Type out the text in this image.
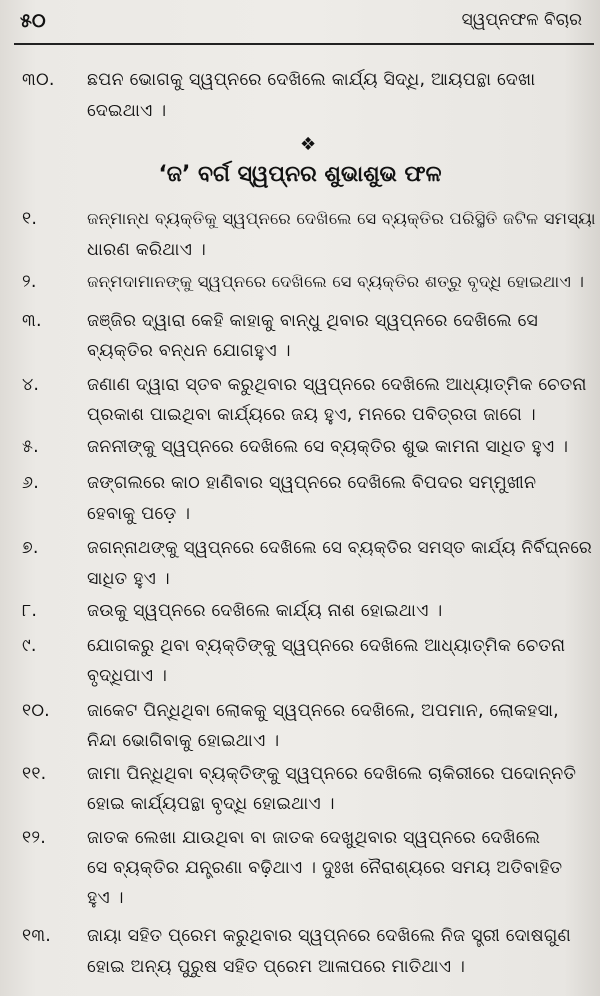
୫୦	ସ୍ୱପ୍ନଫଳ ବିଚାର
୩୦. ଛପନ ଭୋଗକୁ ସ୍ୱପ୍ନରେ ଦେଖିଲେ କାର୍ଯ୍ୟ ସିଦ୍ଧି, ଆୟପନ୍ଥା ଦେଖା
ଦେଇଥାଏ ।
❖
‘ଜ’ ବର୍ଗ ସ୍ୱପ୍ନର ଶୁଭାଶୁଭ ଫଳ
୧.	ଜନ୍ମାନ୍ଧ ବ୍ୟକ୍ତିକୁ ସ୍ୱପ୍ନରେ ଦେଖିଲେ ସେ ବ୍ୟକ୍ତିର ପରିସ୍ଥିତି ଜଟିଳ ସମସ୍ୟା
ଧାରଣ କରିଥାଏ ।
୨.	ଜନ୍ମଦାମାନଙ୍କୁ ସ୍ୱପ୍ନରେ ଦେଖିଲେ ସେ ବ୍ୟକ୍ତିର ଶତ୍ରୁ ବୃଦ୍ଧି ହୋଇଥାଏ ।
୩.	ଜଞ୍ଜିର ଦ୍ୱାରା କେହି କାହାକୁ ବାନ୍ଧୁ ଥିବାର ସ୍ୱପ୍ନରେ ଦେଖିଲେ ସେ
ବ୍ୟକ୍ତିର ବନ୍ଧନ ଯୋଗହୁଏ ।
୪.	ଜଣାଣ ଦ୍ୱାରା ସ୍ତବ କରୁଥିବାର ସ୍ୱପ୍ନରେ ଦେଖିଲେ ଆଧ୍ୟାତ୍ମିକ ଚେତନା
ପ୍ରକାଶ ପାଇଥିବା କାର୍ଯ୍ୟରେ ଜୟ ହୁଏ, ମନରେ ପବିତ୍ରତା ଜାଗେ ।
୫.	ଜନନୀଙ୍କୁ ସ୍ୱପ୍ନରେ ଦେଖିଲେ ସେ ବ୍ୟକ୍ତିର ଶୁଭ କାମନା ସାଧିତ ହୁଏ ।
୬.	ଜଙ୍ଗଲରେ କାଠ ହାଣିବାର ସ୍ୱପ୍ନରେ ଦେଖିଲେ ବିପଦର ସମ୍ମୁଖୀନ
ହେବାକୁ ପଡ଼େ ।
୭.	ଜଗନ୍ନାଥଙ୍କୁ ସ୍ୱପ୍ନରେ ଦେଖିଲେ ସେ ବ୍ୟକ୍ତିର ସମସ୍ତ କାର୍ଯ୍ୟ ନିର୍ବିଘ୍ନରେ
ସାଧିତ ହୁଏ ।
୮.	ଜଉକୁ ସ୍ୱପ୍ନରେ ଦେଖିଲେ କାର୍ଯ୍ୟ ନାଶ ହୋଇଥାଏ ।
୯.	ଯୋଗକରୁ ଥିବା ବ୍ୟକ୍ତିଙ୍କୁ ସ୍ୱପ୍ନରେ ଦେଖିଲେ ଆଧ୍ୟାତ୍ମିକ ଚେତନା
ବୃଦ୍ଧିପାଏ ।
୧୦. ଜାକେଟ ପିନ୍ଧିଥିବା ଲୋକକୁ ସ୍ୱପ୍ନରେ ଦେଖିଲେ, ଅପମାନ, ଲୋକହସା,
ନିନ୍ଦା ଭୋଗିବାକୁ ହୋଇଥାଏ ।
୧୧. ଜାମା ପିନ୍ଧିଥିବା ବ୍ୟକ୍ତିଙ୍କୁ ସ୍ୱପ୍ନରେ ଦେଖିଲେ ଚାକିରୀରେ ପଦୋନ୍ନତି
ହୋଇ କାର୍ଯ୍ୟପନ୍ଥା ବୃଦ୍ଧି ହୋଇଥାଏ ।
୧୨. ଜାତକ ଲେଖା ଯାଉଥିବା ବା ଜାତକ ଦେଖୁଥିବାର ସ୍ୱପ୍ନରେ ଦେଖିଲେ
ସେ ବ୍ୟକ୍ତିର ଯନ୍ତ୍ରଣା ବଢ଼ିଥାଏ । ଦୁଃଖ ନୈରାଶ୍ୟରେ ସମୟ ଅତିବାହିତ
ହୁଏ ।
୧୩. ଜାୟା ସହିତ ପ୍ରେମ କରୁଥିବାର ସ୍ୱପ୍ନରେ ଦେଖିଲେ ନିଜ ସ୍ତ୍ରୀ ଦୋଷଗୁଣ
ହୋଇ ଅନ୍ୟ ପୁରୁଷ ସହିତ ପ୍ରେମ ଆଳାପରେ ମାତିଥାଏ ।
